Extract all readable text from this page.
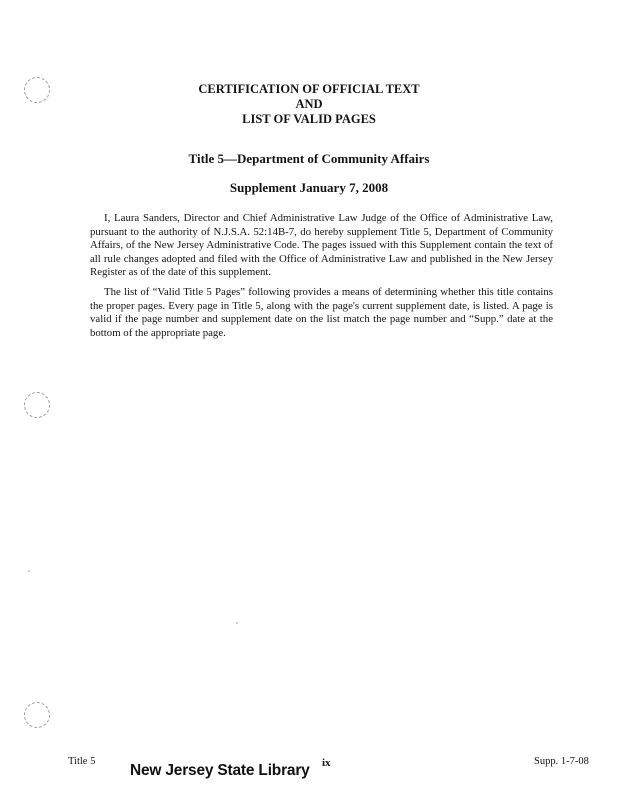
CERTIFICATION OF OFFICIAL TEXT
AND
LIST OF VALID PAGES
Title 5—Department of Community Affairs
Supplement January 7, 2008

I, Laura Sanders, Director and Chief Administrative Law Judge of the Office of Administrative Law, pursuant to the authority of N.J.S.A. 52:14B-7, do hereby supplement Title 5, Department of Community Affairs, of the New Jersey Administrative Code. The pages issued with this Supplement contain the text of all rule changes adopted and filed with the Office of Administrative Law and published in the New Jersey Register as of the date of this supplement.

The list of “Valid Title 5 Pages” following provides a means of determining whether this title contains the proper pages. Every page in Title 5, along with the page's current supplement date, is listed. A page is valid if the page number and supplement date on the list match the page number and “Supp.” date at the bottom of the appropriate page.

Title 5
New Jersey State Library ix	Supp. 1-7-08
